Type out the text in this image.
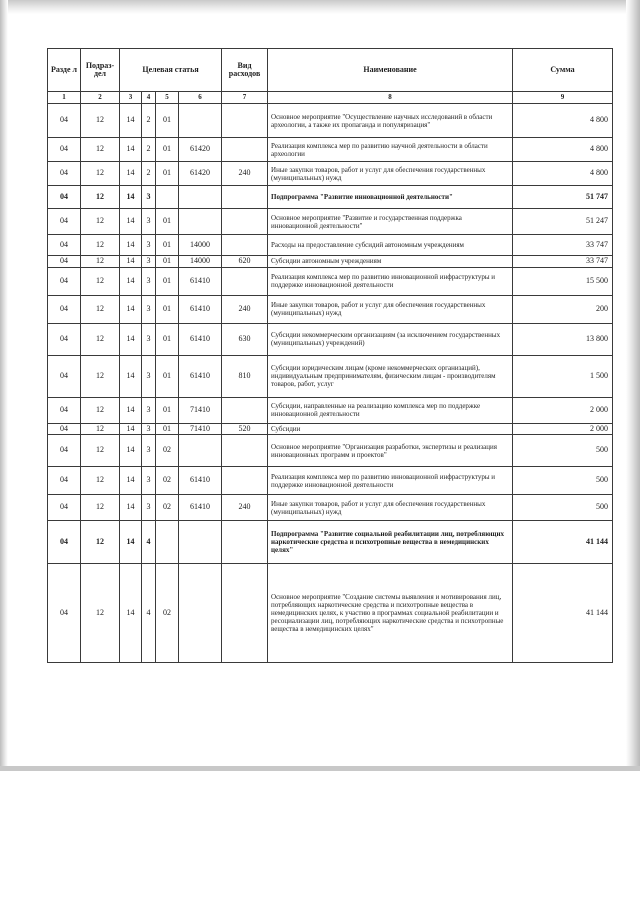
Разде л	Подраз- дел	Целевая статья				Вид расходов	Наименование	Сумма
1	2	3	4	5	6	7	8	9
04	12	14	2	01			Основное мероприятие "Осуществление научных исследований в области археологии, а также их пропаганда и популяризация"	4 800
04	12	14	2	01	61420		Реализация комплекса мер по развитию научной деятельности в области археологии	4 800
04	12	14	2	01	61420	240	Иные закупки товаров, работ и услуг для обеспечения государственных (муниципальных) нужд	4 800
04	12	14	3				Подпрограмма "Развитие инновационной деятельности"	51 747
04	12	14	3	01			Основное мероприятие "Развитие и государственная поддержка инновационной деятельности"	51 247
04	12	14	3	01	14000		Расходы на предоставление субсидий автономным учреждениям	33 747
04	12	14	3	01	14000	620	Субсидии автономным учреждениям	33 747
04	12	14	3	01	61410		Реализация комплекса мер по развитию инновационной инфраструктуры и поддержке инновационной деятельности	15 500
04	12	14	3	01	61410	240	Иные закупки товаров, работ и услуг для обеспечения государственных (муниципальных) нужд	200
04	12	14	3	01	61410	630	Субсидии некоммерческим организациям (за исключением государственных (муниципальных) учреждений)	13 800
04	12	14	3	01	61410	810	Субсидии юридическим лицам (кроме некоммерческих организаций), индивидуальным предпринимателям, физическим лицам - производителям товаров, работ, услуг	1 500
04	12	14	3	01	71410		Субсидии, направленные на реализацию комплекса мер по поддержке инновационной деятельности	2 000
04	12	14	3	01	71410	520	Субсидии	2 000
04	12	14	3	02			Основное мероприятие "Организация разработки, экспертизы и реализация инновационных программ и проектов"	500
04	12	14	3	02	61410		Реализация комплекса мер по развитию инновационной инфраструктуры и поддержке инновационной деятельности	500
04	12	14	3	02	61410	240	Иные закупки товаров, работ и услуг для обеспечения государственных (муниципальных) нужд	500
04	12	14	4				Подпрограмма "Развитие социальной реабилитации лиц, потребляющих наркотические средства и психотропные вещества в немедицинских целях"	41 144
04	12	14	4	02			Основное мероприятие "Создание системы выявления и мотивирования лиц, потребляющих наркотические средства и психотропные вещества в немедицинских целях, к участию в программах социальной реабилитации и ресоциализации лиц, потребляющих наркотические средства и психотропные вещества в немедицинских целях"	41 144
